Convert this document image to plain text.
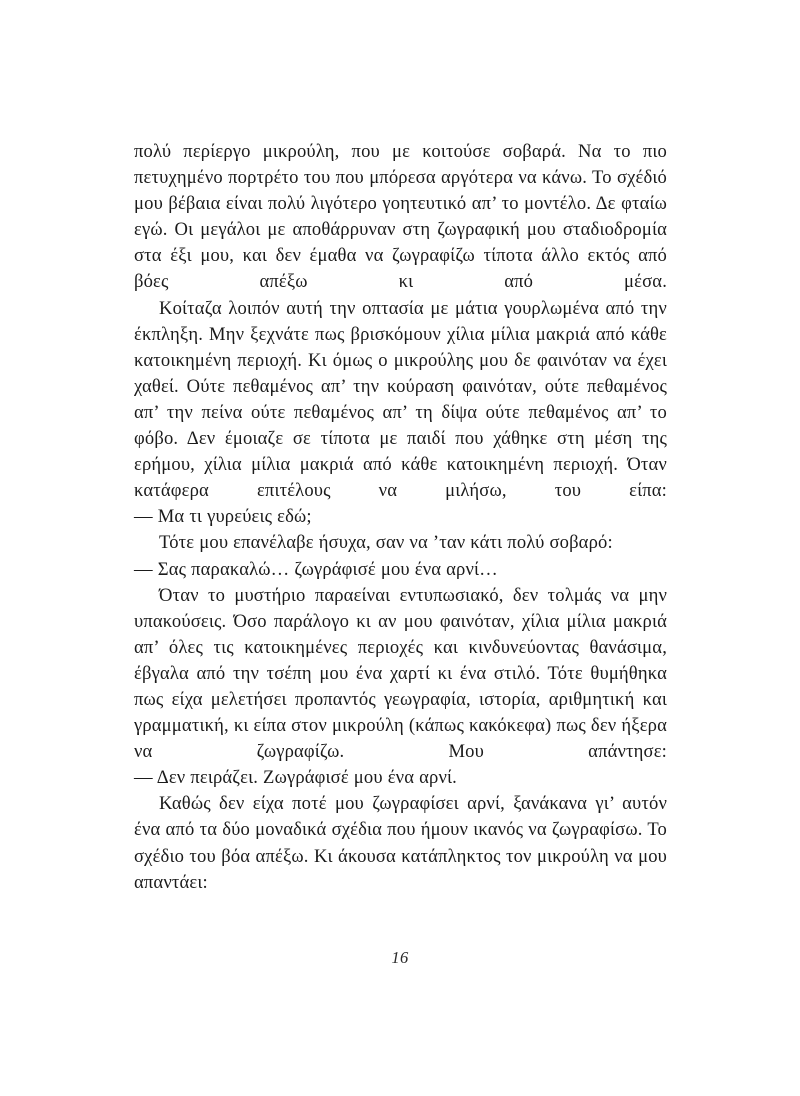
πολύ περίεργο μικρούλη, που με κοιτούσε σοβαρά. Να το πιο πετυχημένο πορτρέτο του που μπόρεσα αργότερα να κάνω. Το σχέδιό μου βέβαια είναι πολύ λιγότερο γοητευτικό απ’ το μοντέλο. Δε φταίω εγώ. Οι μεγάλοι με αποθάρρυναν στη ζωγραφική μου σταδιοδρομία στα έξι μου, και δεν έμαθα να ζωγραφίζω τίποτα άλλο εκτός από βόες απέξω κι από μέσα.

Κοίταζα λοιπόν αυτή την οπτασία με μάτια γουρλωμένα από την έκπληξη. Μην ξεχνάτε πως βρισκόμουν χίλια μίλια μακριά από κάθε κατοικημένη περιοχή. Κι όμως ο μικρούλης μου δε φαινόταν να έχει χαθεί. Ούτε πεθαμένος απ’ την κούραση φαινόταν, ούτε πεθαμένος απ’ την πείνα ούτε πεθαμένος απ’ τη δίψα ούτε πεθαμένος απ’ το φόβο. Δεν έμοιαζε σε τίποτα με παιδί που χάθηκε στη μέση της ερήμου, χίλια μίλια μακριά από κάθε κατοικημένη περιοχή. Όταν κατάφερα επιτέλους να μιλήσω, του είπα:

— Μα τι γυρεύεις εδώ;

Τότε μου επανέλαβε ήσυχα, σαν να ’ταν κάτι πολύ σοβαρό:

— Σας παρακαλώ… ζωγράφισέ μου ένα αρνί…

Όταν το μυστήριο παραείναι εντυπωσιακό, δεν τολμάς να μην υπακούσεις. Όσο παράλογο κι αν μου φαινόταν, χίλια μίλια μακριά απ’ όλες τις κατοικημένες περιοχές και κινδυνεύοντας θανάσιμα, έβγαλα από την τσέπη μου ένα χαρτί κι ένα στιλό. Τότε θυμήθηκα πως είχα μελετήσει προπαντός γεωγραφία, ιστορία, αριθμητική και γραμματική, κι είπα στον μικρούλη (κάπως κακόκεφα) πως δεν ήξερα να ζωγραφίζω. Μου απάντησε:

— Δεν πειράζει. Ζωγράφισέ μου ένα αρνί.

Καθώς δεν είχα ποτέ μου ζωγραφίσει αρνί, ξανάκανα γι’ αυτόν ένα από τα δύο μοναδικά σχέδια που ήμουν ικανός να ζωγραφίσω. Το σχέδιο του βόα απέξω. Κι άκουσα κατάπληκτος τον μικρούλη να μου απαντάει:

16
